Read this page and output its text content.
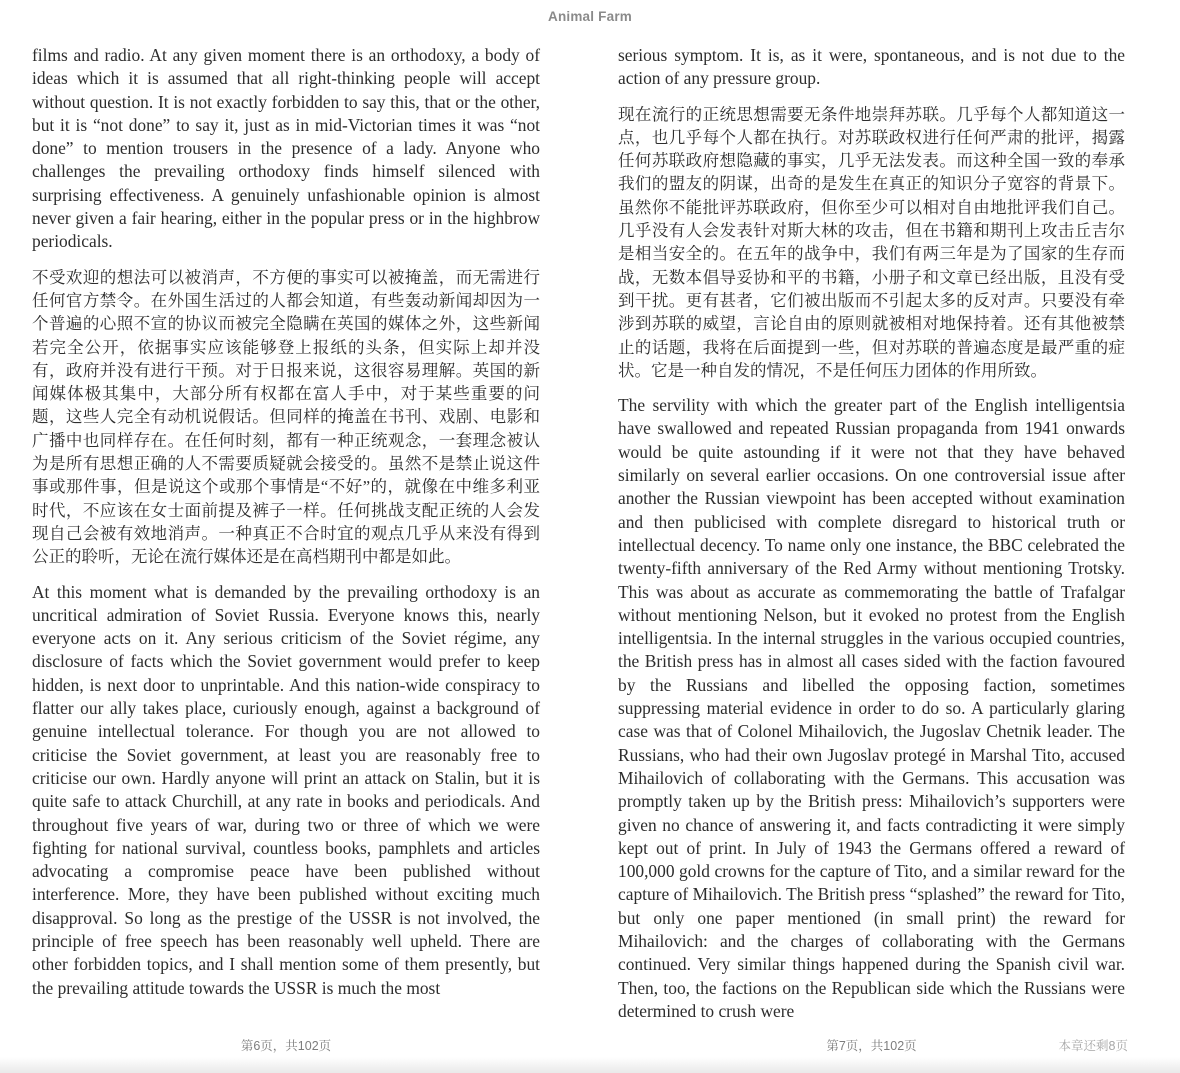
Animal Farm

films and radio. At any given moment there is an orthodoxy, a body of ideas which it is assumed that all right-thinking people will accept without question. It is not exactly forbidden to say this, that or the other, but it is “not done” to say it, just as in mid-Victorian times it was “not done” to mention trousers in the presence of a lady. Anyone who challenges the prevailing orthodoxy finds himself silenced with surprising effectiveness. A genuinely unfashionable opinion is almost never given a fair hearing, either in the popular press or in the highbrow periodicals.

不受欢迎的想法可以被消声，不方便的事实可以被掩盖，而无需进行任何官方禁令。在外国生活过的人都会知道，有些轰动新闻却因为一个普遍的心照不宣的协议而被完全隐瞒在英国的媒体之外，这些新闻若完全公开，依据事实应该能够登上报纸的头条，但实际上却并没有，政府并没有进行干预。对于日报来说，这很容易理解。英国的新闻媒体极其集中，大部分所有权都在富人手中，对于某些重要的问题，这些人完全有动机说假话。但同样的掩盖在书刊、戏剧、电影和广播中也同样存在。在任何时刻，都有一种正统观念，一套理念被认为是所有思想正确的人不需要质疑就会接受的。虽然不是禁止说这件事或那件事，但是说这个或那个事情是“不好”的，就像在中维多利亚时代，不应该在女士面前提及裤子一样。任何挑战支配正统的人会发现自己会被有效地消声。一种真正不合时宜的观点几乎从来没有得到公正的聆听，无论在流行媒体还是在高档期刊中都是如此。

At this moment what is demanded by the prevailing orthodoxy is an uncritical admiration of Soviet Russia. Everyone knows this, nearly everyone acts on it. Any serious criticism of the Soviet régime, any disclosure of facts which the Soviet government would prefer to keep hidden, is next door to unprintable. And this nation-wide conspiracy to flatter our ally takes place, curiously enough, against a background of genuine intellectual tolerance. For though you are not allowed to criticise the Soviet government, at least you are reasonably free to criticise our own. Hardly anyone will print an attack on Stalin, but it is quite safe to attack Churchill, at any rate in books and periodicals. And throughout five years of war, during two or three of which we were fighting for national survival, countless books, pamphlets and articles advocating a compromise peace have been published without interference. More, they have been published without exciting much disapproval. So long as the prestige of the USSR is not involved, the principle of free speech has been reasonably well upheld. There are other forbidden topics, and I shall mention some of them presently, but the prevailing attitude towards the USSR is much the most

serious symptom. It is, as it were, spontaneous, and is not due to the action of any pressure group.

现在流行的正统思想需要无条件地崇拜苏联。几乎每个人都知道这一点，也几乎每个人都在执行。对苏联政权进行任何严肃的批评，揭露任何苏联政府想隐藏的事实，几乎无法发表。而这种全国一致的奉承我们的盟友的阴谋，出奇的是发生在真正的知识分子宽容的背景下。虽然你不能批评苏联政府，但你至少可以相对自由地批评我们自己。几乎没有人会发表针对斯大林的攻击，但在书籍和期刊上攻击丘吉尔是相当安全的。在五年的战争中，我们有两三年是为了国家的生存而战，无数本倡导妥协和平的书籍，小册子和文章已经出版，且没有受到干扰。更有甚者，它们被出版而不引起太多的反对声。只要没有牵涉到苏联的威望，言论自由的原则就被相对地保持着。还有其他被禁止的话题，我将在后面提到一些，但对苏联的普遍态度是最严重的症状。它是一种自发的情况，不是任何压力团体的作用所致。

The servility with which the greater part of the English intelligentsia have swallowed and repeated Russian propaganda from 1941 onwards would be quite astounding if it were not that they have behaved similarly on several earlier occasions. On one controversial issue after another the Russian viewpoint has been accepted without examination and then publicised with complete disregard to historical truth or intellectual decency. To name only one instance, the BBC celebrated the twenty-fifth anniversary of the Red Army without mentioning Trotsky. This was about as accurate as commemorating the battle of Trafalgar without mentioning Nelson, but it evoked no protest from the English intelligentsia. In the internal struggles in the various occupied countries, the British press has in almost all cases sided with the faction favoured by the Russians and libelled the opposing faction, sometimes suppressing material evidence in order to do so. A particularly glaring case was that of Colonel Mihailovich, the Jugoslav Chetnik leader. The Russians, who had their own Jugoslav protegé in Marshal Tito, accused Mihailovich of collaborating with the Germans. This accusation was promptly taken up by the British press: Mihailovich’s supporters were given no chance of answering it, and facts contradicting it were simply kept out of print. In July of 1943 the Germans offered a reward of 100,000 gold crowns for the capture of Tito, and a similar reward for the capture of Mihailovich. The British press “splashed” the reward for Tito, but only one paper mentioned (in small print) the reward for Mihailovich: and the charges of collaborating with the Germans continued. Very similar things happened during the Spanish civil war. Then, too, the factions on the Republican side which the Russians were determined to crush were

第6页，共102页	第7页，共102页	本章还剩8页
